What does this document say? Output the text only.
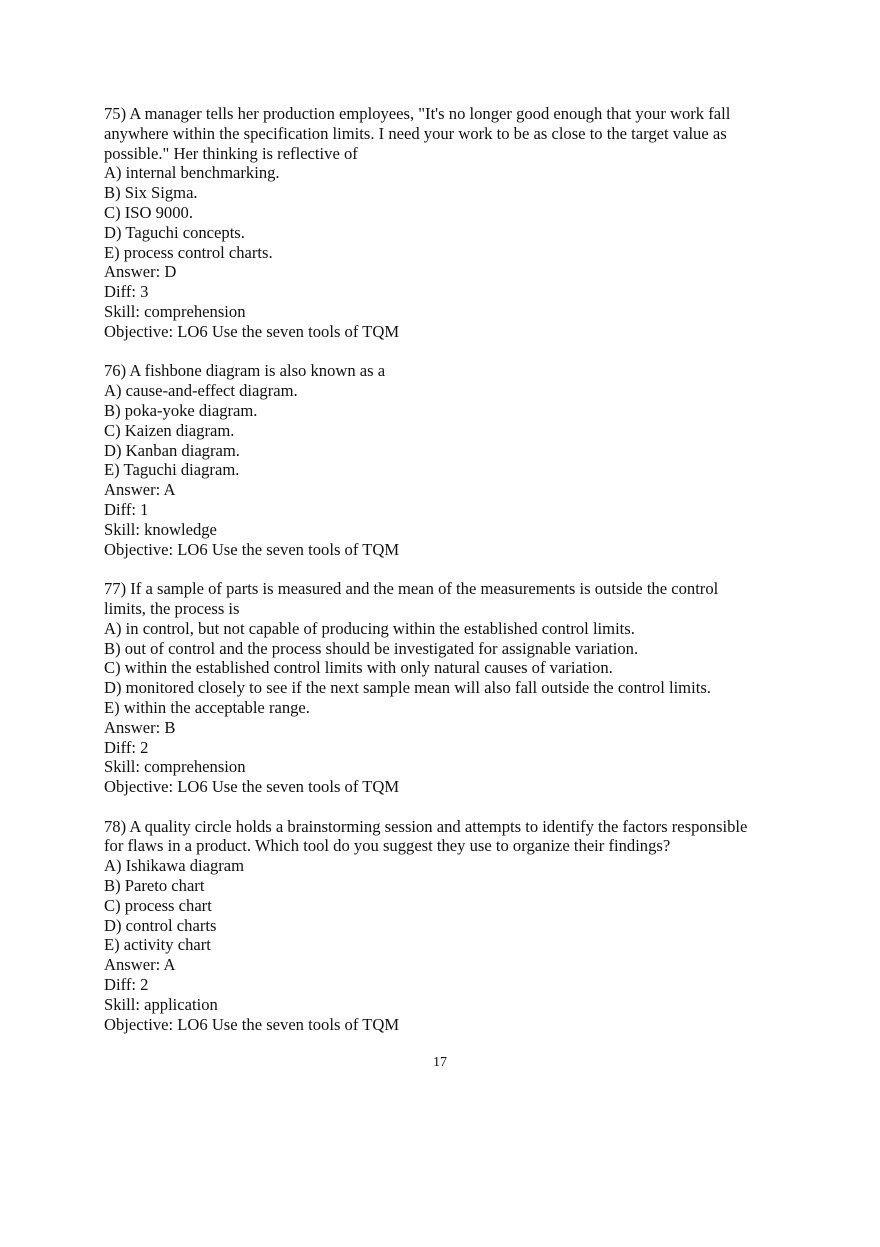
75) A manager tells her production employees, "It's no longer good enough that your work fall
anywhere within the specification limits. I need your work to be as close to the target value as
possible." Her thinking is reflective of
A) internal benchmarking.
B) Six Sigma.
C) ISO 9000.
D) Taguchi concepts.
E) process control charts.
Answer: D
Diff: 3
Skill: comprehension
Objective: LO6 Use the seven tools of TQM
76) A fishbone diagram is also known as a
A) cause-and-effect diagram.
B) poka-yoke diagram.
C) Kaizen diagram.
D) Kanban diagram.
E) Taguchi diagram.
Answer: A
Diff: 1
Skill: knowledge
Objective: LO6 Use the seven tools of TQM
77) If a sample of parts is measured and the mean of the measurements is outside the control
limits, the process is
A) in control, but not capable of producing within the established control limits.
B) out of control and the process should be investigated for assignable variation.
C) within the established control limits with only natural causes of variation.
D) monitored closely to see if the next sample mean will also fall outside the control limits.
E) within the acceptable range.
Answer: B
Diff: 2
Skill: comprehension
Objective: LO6 Use the seven tools of TQM
78) A quality circle holds a brainstorming session and attempts to identify the factors responsible
for flaws in a product. Which tool do you suggest they use to organize their findings?
A) Ishikawa diagram
B) Pareto chart
C) process chart
D) control charts
E) activity chart
Answer: A
Diff: 2
Skill: application
Objective: LO6 Use the seven tools of TQM
17
